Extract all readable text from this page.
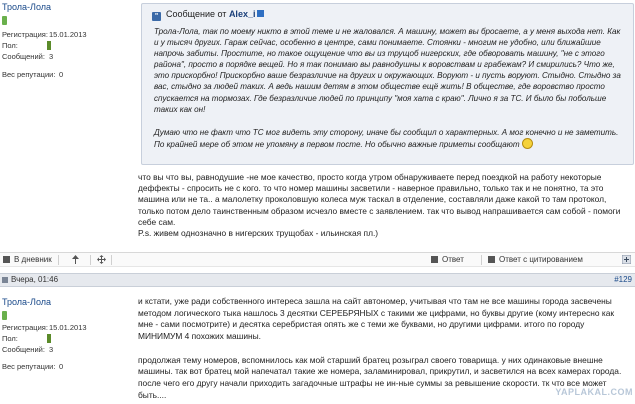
Трола-Лола
Регистрация: 15.01.2013
Пол:
Сообщений: 3
Вес репутации: 0
" Сообщение от Alex_i

Трола-Лола, так по моему никто в этой теме и не жаловался. А машину, может вы бросаете, а у меня выхода нет. Как и у тысяч других. Гараж сейчас, особенно в центре, сами понимаете. Стоянки - многим не удобно, или ближайшие напрочь забиты. Простите, но такое ощущение что вы из трущоб нигерских, где обворовать машину, "не с этого района", просто в порядке вещей. Но я так понимаю вы равнодушны к воровствам и грабежам? И смирились? Что же, это прискорбно! Прискорбно ваше безразличие на других и окружающих. Воруют - и пусть воруют. Стыдно. Стыдно за вас, стыдно за людей таких. А ведь нашим детям в этом обществе ещё жить! В обществе, где воровство просто спускается на тормозах. Где безразличие людей по принципу "моя хата с краю". Лично я за ТС. И было бы побольше таких как он!

Думаю что не факт что ТС мог видеть эту сторону, иначе бы сообщил о характерных. А мог конечно и не заметить. По крайней мере об этом не упомяну в первом посте. Но обычно важные приметы сообщают

что вы что вы, равнодушие -не мое качество, просто когда утром обнаруживаете перед поездкой на работу некоторые деффекты - спросить не с кого. то что номер машины засветили - наверное правильно, только так и не понятно, та это машина или не та.. а малолетку проколовшую колеса муж таскал в отделение, составляли даже какой то там протокол, только потом дело таинственным образом исчезло вместе с заявлением. так что вывод напрашивается сам собой - помоги себе сам.

P.s. живем однозначно в нигерских трущобах - ильинская пл.)

В дневник	Ответ	Ответ с цитированием
Вчера, 01:46	#129
Трола-Лола
Регистрация: 15.01.2013
Пол:
Сообщений: 3
Вес репутации: 0

и кстати, уже ради собственного интереса зашла на сайт автономер, учитывая что там не все машины города засвечены методом логического тыка нашлось 3 десятки СЕРЕБРЯНЫХ с такими же цифрами, но буквы другие (кому интересно как мне - сами посмотрите) и десятка серебристая опять же с теми же буквами, но другими цифрами. итого по городу МИНИМУМ 4 похожих машины.

продолжая тему номеров, вспомнилось как мой старший братец розыграл своего товарища. у них одинаковые внешне машины. так вот братец мой напечатал такие же номера, заламинировал, прикрутил, и засветился на всех камерах города. после чего его другу начали приходить загадочные штрафы не ин-ные суммы за ревышение скорости. тк что все может быть....	YAPLAKAL.COM
